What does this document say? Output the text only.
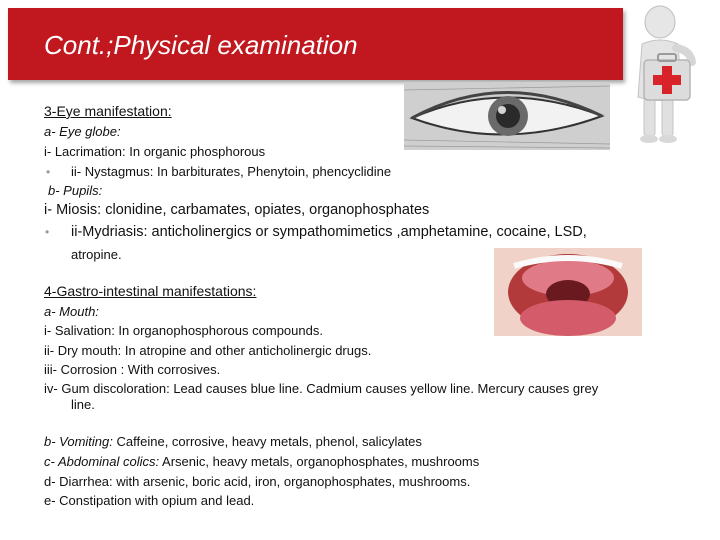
Cont.;Physical examination
3-Eye manifestation:
a- Eye globe:
i- Lacrimation: In organic phosphorous
• ii- Nystagmus: In barbiturates, Phenytoin, phencyclidine
b- Pupils:
i- Miosis: clonidine, carbamates, opiates, organophosphates
• ii-Mydriasis: anticholinergics or sympathomimetics ,amphetamine, cocaine, LSD,
atropine.
4-Gastro-intestinal manifestations:
a- Mouth:
i- Salivation: In organophosphorous compounds.
ii- Dry mouth: In atropine and other anticholinergic drugs.
iii- Corrosion : With corrosives.
iv- Gum discoloration: Lead causes blue line. Cadmium causes yellow line. Mercury causes grey
line.
b- Vomiting: Caffeine, corrosive, heavy metals, phenol, salicylates
c- Abdominal colics: Arsenic, heavy metals, organophosphates, mushrooms
d- Diarrhea: with arsenic, boric acid, iron, organophosphates, mushrooms.
e- Constipation with opium and lead.
